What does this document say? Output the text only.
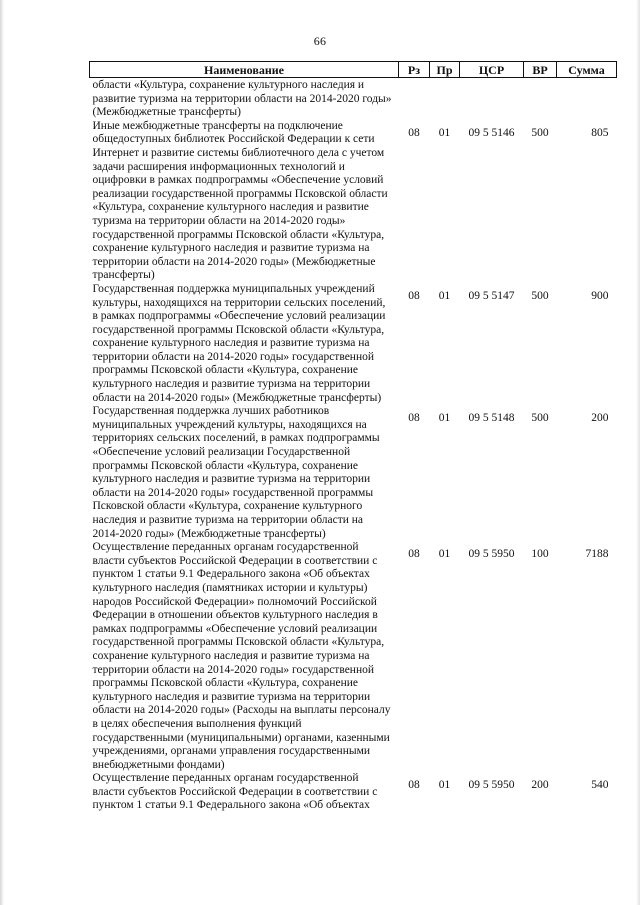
66
Наименование	Рз	Пр	ЦСР	ВР	Сумма
области «Культура, сохранение культурного наследия и развитие туризма на территории области на 2014-2020 годы» (Межбюджетные трансферты)					
Иные межбюджетные трансферты на подключение общедоступных библиотек Российской Федерации к сети Интернет и развитие системы библиотечного дела с учетом задачи расширения информационных технологий и оцифровки в рамках подпрограммы «Обеспечение условий реализации государственной программы Псковской области «Культура, сохранение культурного наследия и развитие туризма на территории области на 2014-2020 годы» государственной программы Псковской области «Культура, сохранение культурного наследия и развитие туризма на территории области на 2014-2020 годы» (Межбюджетные трансферты)	08	01	09 5 5146	500	805
Государственная поддержка муниципальных учреждений культуры, находящихся на территории сельских поселений, в рамках подпрограммы «Обеспечение условий реализации государственной программы Псковской области «Культура, сохранение культурного наследия и развитие туризма на территории области на 2014-2020 годы» государственной программы Псковской области «Культура, сохранение культурного наследия и развитие туризма на территории области на 2014-2020 годы» (Межбюджетные трансферты)	08	01	09 5 5147	500	900
Государственная поддержка лучших работников муниципальных учреждений культуры, находящихся на территориях сельских поселений, в рамках подпрограммы «Обеспечение условий реализации Государственной программы Псковской области «Культура, сохранение культурного наследия и развитие туризма на территории области на 2014-2020 годы» государственной программы Псковской области «Культура, сохранение культурного наследия и развитие туризма на территории области на 2014-2020 годы» (Межбюджетные трансферты)	08	01	09 5 5148	500	200
Осуществление переданных органам государственной власти субъектов Российской Федерации в соответствии с пунктом 1 статьи 9.1 Федерального закона «Об объектах культурного наследия (памятниках истории и культуры) народов Российской Федерации» полномочий Российской Федерации в отношении объектов культурного наследия в рамках подпрограммы «Обеспечение условий реализации государственной программы Псковской области «Культура, сохранение культурного наследия и развитие туризма на территории области на 2014-2020 годы» государственной программы Псковской области «Культура, сохранение культурного наследия и развитие туризма на территории области на 2014-2020 годы» (Расходы на выплаты персоналу в целях обеспечения выполнения функций государственными (муниципальными) органами, казенными учреждениями, органами управления государственными внебюджетными фондами)	08	01	09 5 5950	100	7188
Осуществление переданных органам государственной власти субъектов Российской Федерации в соответствии с пунктом 1 статьи 9.1 Федерального закона «Об объектах	08	01	09 5 5950	200	540
